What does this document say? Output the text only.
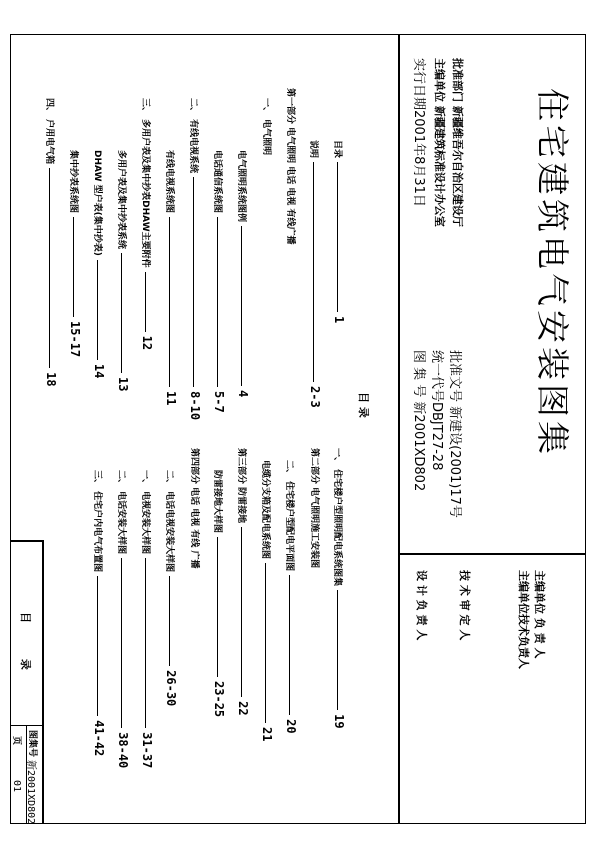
住宅建筑电气安装图集
批准部门 新疆维吾尔自治区建设厅
主编单位 新疆建筑标准设计办公室
实行日期2001年8月31日
批准文号 新建设(2001)17号
统一代号DBJT27-28
图 集 号 新2001XD802
主编单位 负 责 人
主编单位技术负责人
技 术 审 定 人
设 计 负 责 人
目 录
目录1
说明2-3
第一部分 电气照明 电话 电视 有线广播
一、 电气照明
电气照明系统图例4
电话通信系统图5-7
二、 有线电视系统8-10
有线电视系统图11
三、 多用户表及集中抄表DHAW主要附件12
多用户表及集中抄表系统13
DHAW 型户表(集中抄表)14
集中抄表系统图15-17
四、 户用电气箱18
一、 住宅楼户型照明配电系统图集19
第二部分 电气照明施工安装图
二、 住宅楼户型配电平面图20
电缆分支箱及配电系统图21
第三部分 防雷接地22
防雷接地大样图23-25
第四部分 电话 电视 有线 广播
二、 电话电视安装大样图26-30
一、 电视安装大样图31-37
二、 电话安装大样图38-40
三、 住宅户内电气布置图41-42
目 录
图集号
新2001XD802
页
01
